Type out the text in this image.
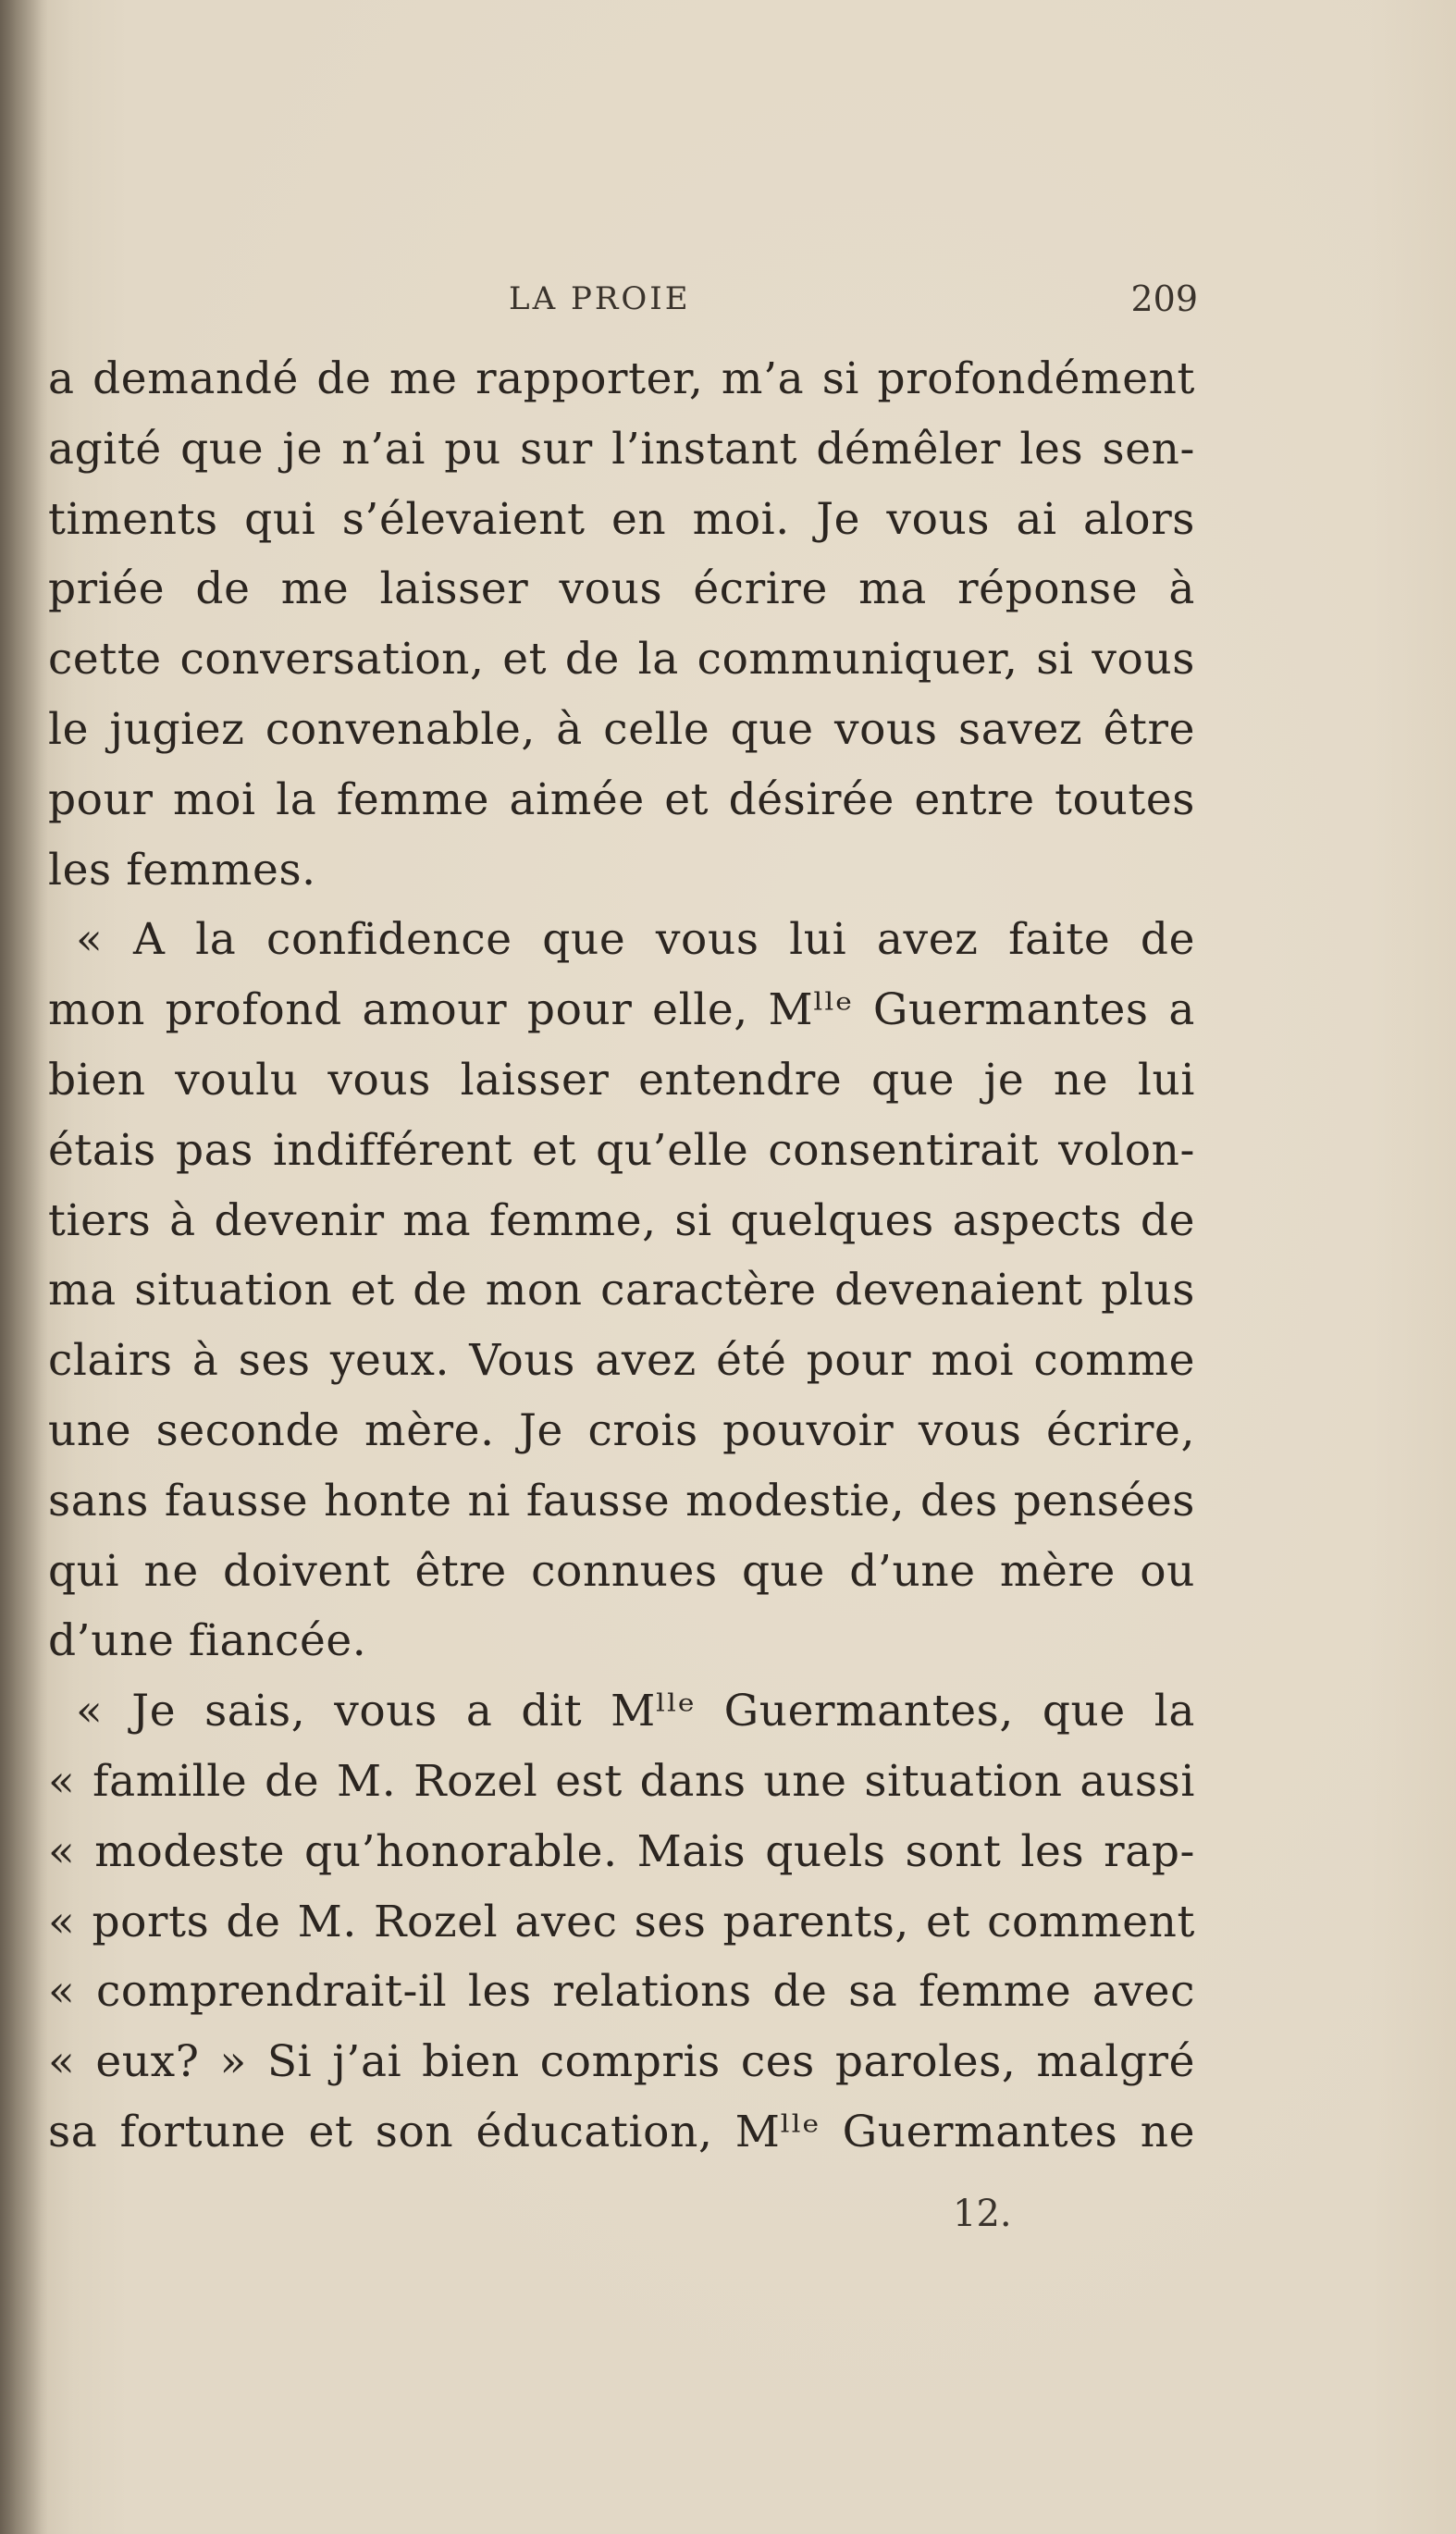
LA PROIE	209
a demandé de me rapporter, m’a si profondément
agité que je n’ai pu sur l’instant démêler les sen-
timents qui s’élevaient en moi. Je vous ai alors
priée de me laisser vous écrire ma réponse à
cette conversation, et de la communiquer, si vous
le jugiez convenable, à celle que vous savez être
pour moi la femme aimée et désirée entre toutes
les femmes.
« A la confidence que vous lui avez faite de
mon profond amour pour elle, Mˡˡᵉ Guermantes a
bien voulu vous laisser entendre que je ne lui
étais pas indifférent et qu’elle consentirait volon-
tiers à devenir ma femme, si quelques aspects de
ma situation et de mon caractère devenaient plus
clairs à ses yeux. Vous avez été pour moi comme
une seconde mère. Je crois pouvoir vous écrire,
sans fausse honte ni fausse modestie, des pensées
qui ne doivent être connues que d’une mère ou
d’une fiancée.
« Je sais, vous a dit Mˡˡᵉ Guermantes, que la
« famille de M. Rozel est dans une situation aussi
« modeste qu’honorable. Mais quels sont les rap-
« ports de M. Rozel avec ses parents, et comment
« comprendrait-il les relations de sa femme avec
« eux? » Si j’ai bien compris ces paroles, malgré
sa fortune et son éducation, Mˡˡᵉ Guermantes ne
12.
